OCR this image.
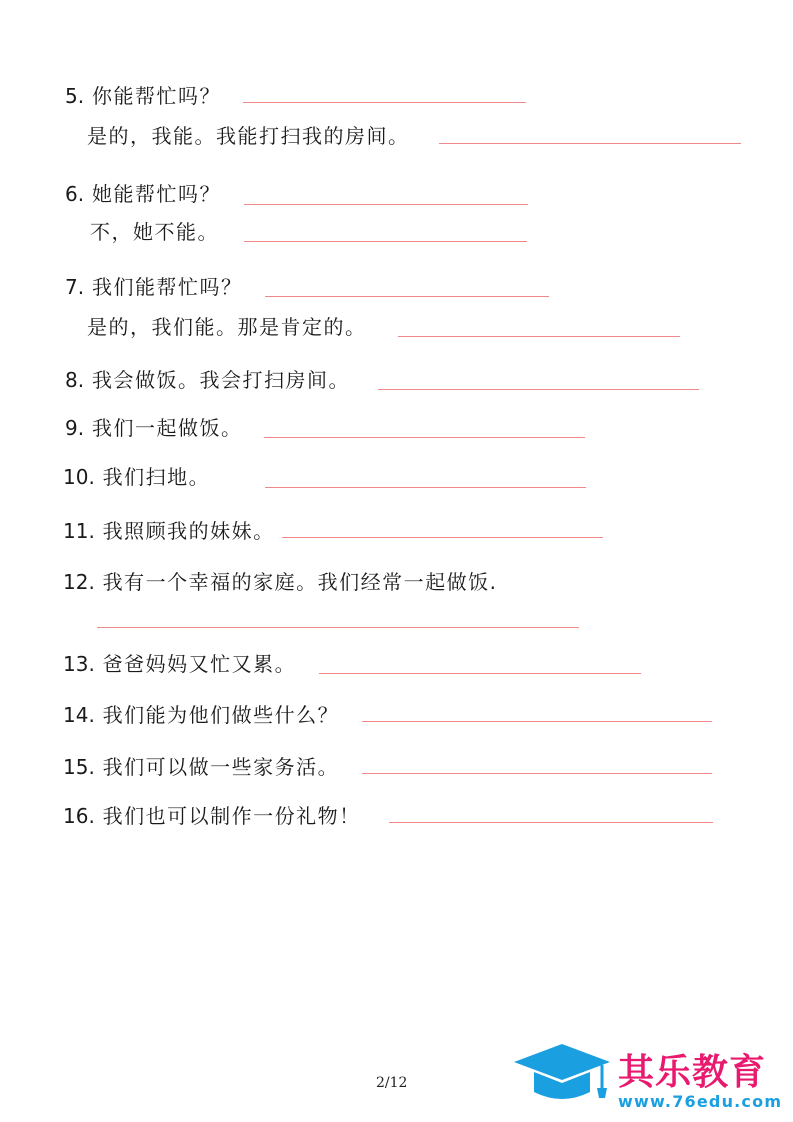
5. 你能帮忙吗？
是的，我能。我能打扫我的房间。
6. 她能帮忙吗？
不，她不能。
7. 我们能帮忙吗？
是的，我们能。那是肯定的。
8. 我会做饭。我会打扫房间。
9. 我们一起做饭。
10. 我们扫地。
11. 我照顾我的妹妹。
12. 我有一个幸福的家庭。我们经常一起做饭.
13. 爸爸妈妈又忙又累。
14. 我们能为他们做些什么？
15. 我们可以做一些家务活。
16. 我们也可以制作一份礼物！
2/12	其乐教育
www.76edu.com
